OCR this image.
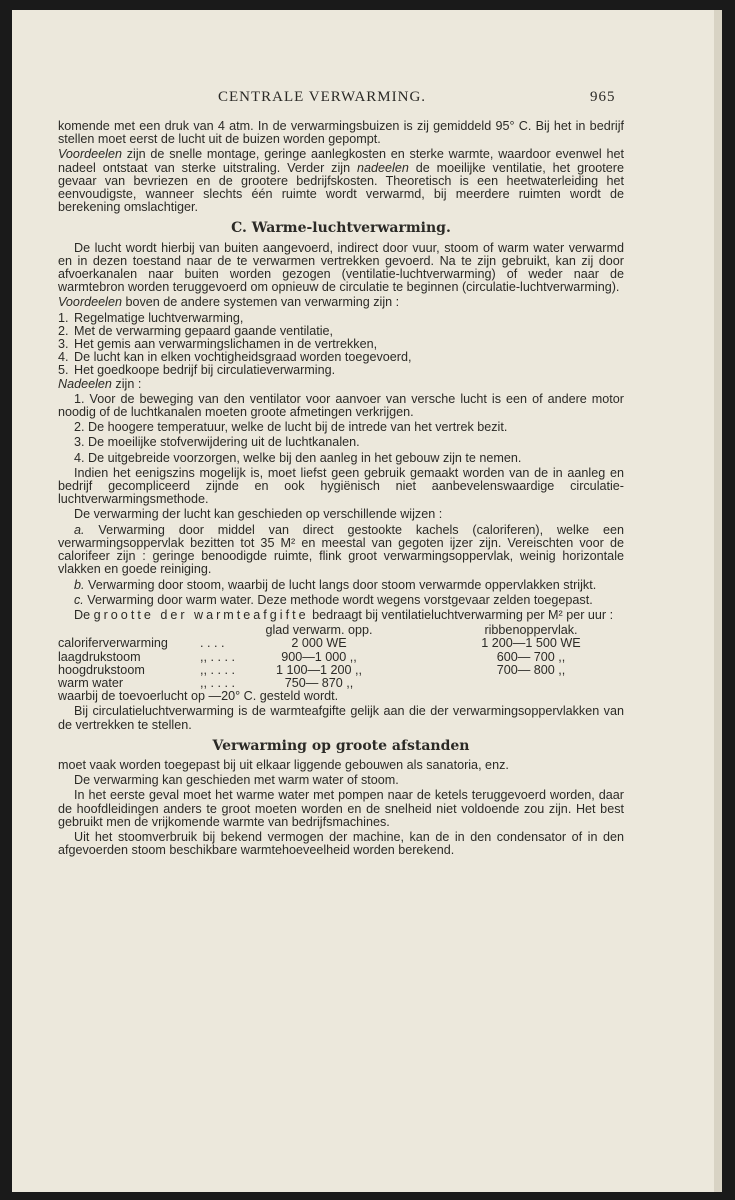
CENTRALE VERWARMING.	965

komende met een druk van 4 atm. In de verwarmingsbuizen is zij gemiddeld 95° C. Bij het in bedrijf stellen moet eerst de lucht uit de buizen worden gepompt.

Voordeelen zijn de snelle montage, geringe aanlegkosten en sterke warmte, waardoor evenwel het nadeel ontstaat van sterke uitstraling. Verder zijn nadeelen de moeilijke ventilatie, het grootere gevaar van bevriezen en de grootere bedrijfskosten. Theoretisch is een heetwaterleiding het eenvoudigste, wanneer slechts één ruimte wordt verwarmd, bij meerdere ruimten wordt de berekening omslachtiger.

C. Warme-luchtverwarming.

De lucht wordt hierbij van buiten aangevoerd, indirect door vuur, stoom of warm water verwarmd en in dezen toestand naar de te verwarmen vertrekken gevoerd. Na te zijn gebruikt, kan zij door afvoerkanalen naar buiten worden gezogen (ventilatie-luchtverwarming) of weder naar de warmtebron worden teruggevoerd om opnieuw de circulatie te beginnen (circulatie-luchtverwarming).

Voordeelen boven de andere systemen van verwarming zijn :

1. Regelmatige luchtverwarming,
2. Met de verwarming gepaard gaande ventilatie,
3. Het gemis aan verwarmingslichamen in de vertrekken,
4. De lucht kan in elken vochtigheidsgraad worden toegevoerd,
5. Het goedkoope bedrijf bij circulatieverwarming.

Nadeelen zijn :

1. Voor de beweging van den ventilator voor aanvoer van versche lucht is een of andere motor noodig of de luchtkanalen moeten groote afmetingen verkrijgen.

2. De hoogere temperatuur, welke de lucht bij de intrede van het vertrek bezit.

3. De moeilijke stofverwijdering uit de luchtkanalen.

4. De uitgebreide voorzorgen, welke bij den aanleg in het gebouw zijn te nemen.

Indien het eenigszins mogelijk is, moet liefst geen gebruik gemaakt worden van de in aanleg en bedrijf gecompliceerd zijnde en ook hygiënisch niet aanbevelenswaardige circulatie-luchtverwarmingsmethode.

De verwarming der lucht kan geschieden op verschillende wijzen :

a. Verwarming door middel van direct gestookte kachels (caloriferen), welke een verwarmingsoppervlak bezitten tot 35 M² en meestal van gegoten ijzer zijn. Vereischten voor de calorifeer zijn : geringe benoodigde ruimte, flink groot verwarmingsoppervlak, weinig horizontale vlakken en goede reiniging.

b. Verwarming door stoom, waarbij de lucht langs door stoom verwarmde oppervlakken strijkt.

c. Verwarming door warm water. Deze methode wordt wegens vorstgevaar zelden toegepast.

De grootte der warmteafgifte bedraagt bij ventilatieluchtverwarming per M² per uur :

		glad verwarm. opp.		ribbenoppervlak.
caloriferverwarming	. . . .	2 000 WE		1 200—1 500 WE
laagdrukstoom	,, . . . .	900—1 000 ,,		600— 700 ,,
hoogdrukstoom	,, . . . .	1 100—1 200 ,,		700— 800 ,,
warm water	,, . . . .	750— 870 ,,		

waarbij de toevoerlucht op —20° C. gesteld wordt.

Bij circulatieluchtverwarming is de warmteafgifte gelijk aan die der verwarmingsoppervlakken van de vertrekken te stellen.

Verwarming op groote afstanden

moet vaak worden toegepast bij uit elkaar liggende gebouwen als sanatoria, enz.

De verwarming kan geschieden met warm water of stoom.

In het eerste geval moet het warme water met pompen naar de ketels teruggevoerd worden, daar de hoofdleidingen anders te groot moeten worden en de snelheid niet voldoende zou zijn. Het best gebruikt men de vrijkomende warmte van bedrijfsmachines.

Uit het stoomverbruik bij bekend vermogen der machine, kan de in den condensator of in den afgevoerden stoom beschikbare warmtehoeveelheid worden berekend.
